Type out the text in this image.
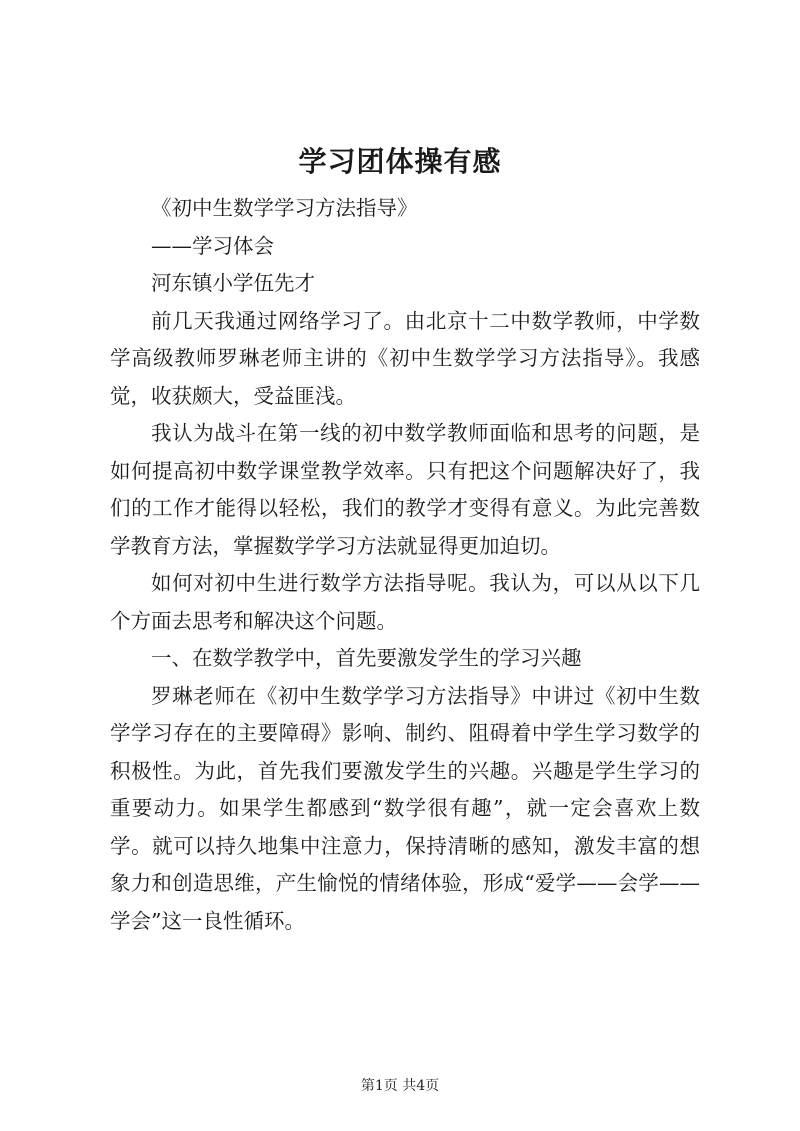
学习团体操有感

《初中生数学学习方法指导》

——学习体会

河东镇小学伍先才

前几天我通过网络学习了。由北京十二中数学教师，中学数学高级教师罗琳老师主讲的《初中生数学学习方法指导》。我感觉，收获颇大，受益匪浅。

我认为战斗在第一线的初中数学教师面临和思考的问题，是如何提高初中数学课堂教学效率。只有把这个问题解决好了，我们的工作才能得以轻松，我们的教学才变得有意义。为此完善数学教育方法，掌握数学学习方法就显得更加迫切。

如何对初中生进行数学方法指导呢。我认为，可以从以下几个方面去思考和解决这个问题。

一、在数学教学中，首先要激发学生的学习兴趣

罗琳老师在《初中生数学学习方法指导》中讲过《初中生数学学习存在的主要障碍》影响、制约、阻碍着中学生学习数学的积极性。为此，首先我们要激发学生的兴趣。兴趣是学生学习的重要动力。如果学生都感到“数学很有趣”，就一定会喜欢上数学。就可以持久地集中注意力，保持清晰的感知，激发丰富的想象力和创造思维，产生愉悦的情绪体验，形成“爱学——会学——学会”这一良性循环。

第1页 共4页
